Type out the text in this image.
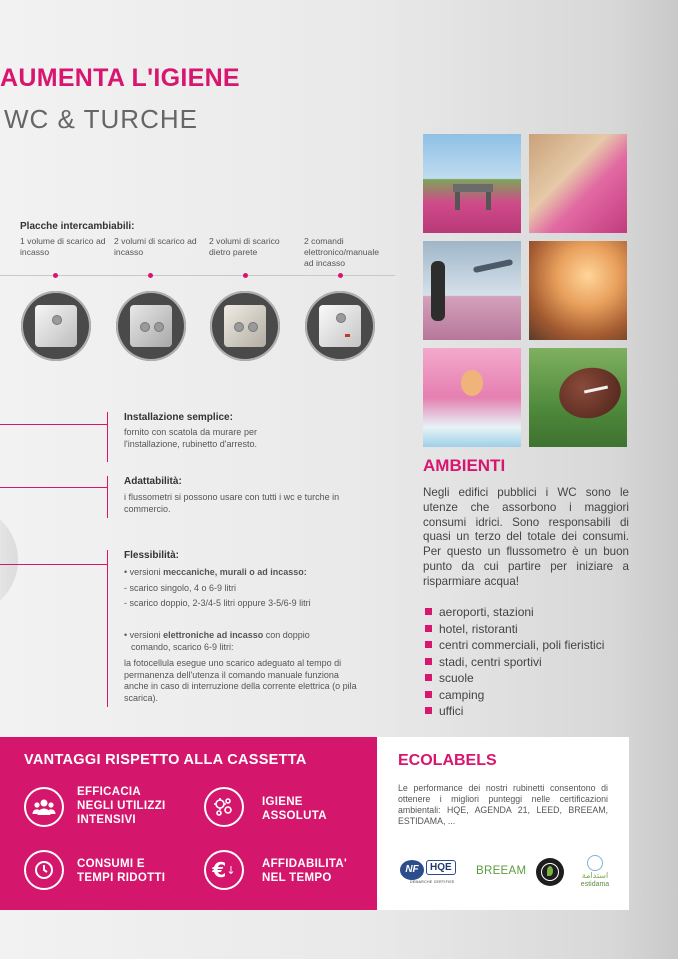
AUMENTA L'IGIENE
WC & TURCHE
Placche intercambiabili:
1 volume di scarico ad incasso
2 volumi di scarico ad incasso
2 volumi di scarico dietro parete
2 comandi elettronico/manuale ad incasso
Installazione semplice:
fornito con scatola da murare per l'installazione, rubinetto d'arresto.
Adattabilità:
i flussometri si possono usare con tutti i wc e turche in commercio.
Flessibilità:
• versioni meccaniche, murali o ad incasso:
- scarico singolo, 4 o 6-9 litri
- scarico doppio, 2-3/4-5 litri oppure 3-5/6-9 litri
• versioni elettroniche ad incasso con doppio
comando, scarico 6-9 litri:
la fotocellula esegue uno scarico adeguato al tempo di permanenza dell'utenza il comando manuale funziona anche in caso di interruzione della corrente elettrica (o pila scarica).
AMBIENTI
Negli edifici pubblici i WC sono le utenze che assorbono i maggiori consumi idrici. Sono responsabili di quasi un terzo del totale dei consumi. Per questo un flussometro è un buon punto da cui partire per iniziare a risparmiare acqua!
aeroporti, stazioni
hotel, ristoranti
centri commerciali, poli fieristici
stadi, centri sportivi
scuole
camping
uffici
VANTAGGI RISPETTO ALLA CASSETTA
EFFICACIA
NEGLI UTILIZZI
INTENSIVI
IGIENE
ASSOLUTA
CONSUMI E
TEMPI RIDOTTI € ↓ AFFIDABILITA'
NEL TEMPO
ECOLABELS
Le performance dei nostri rubinetti consentono di ottenere i migliori punteggi nelle certificazioni ambientali: HQE, AGENDA 21, LEED, BREEAM, ESTIDAMA, ...
NF	HQE
DEMARCHE CERTIFIEE
BREEAM	استدامة
estidama
